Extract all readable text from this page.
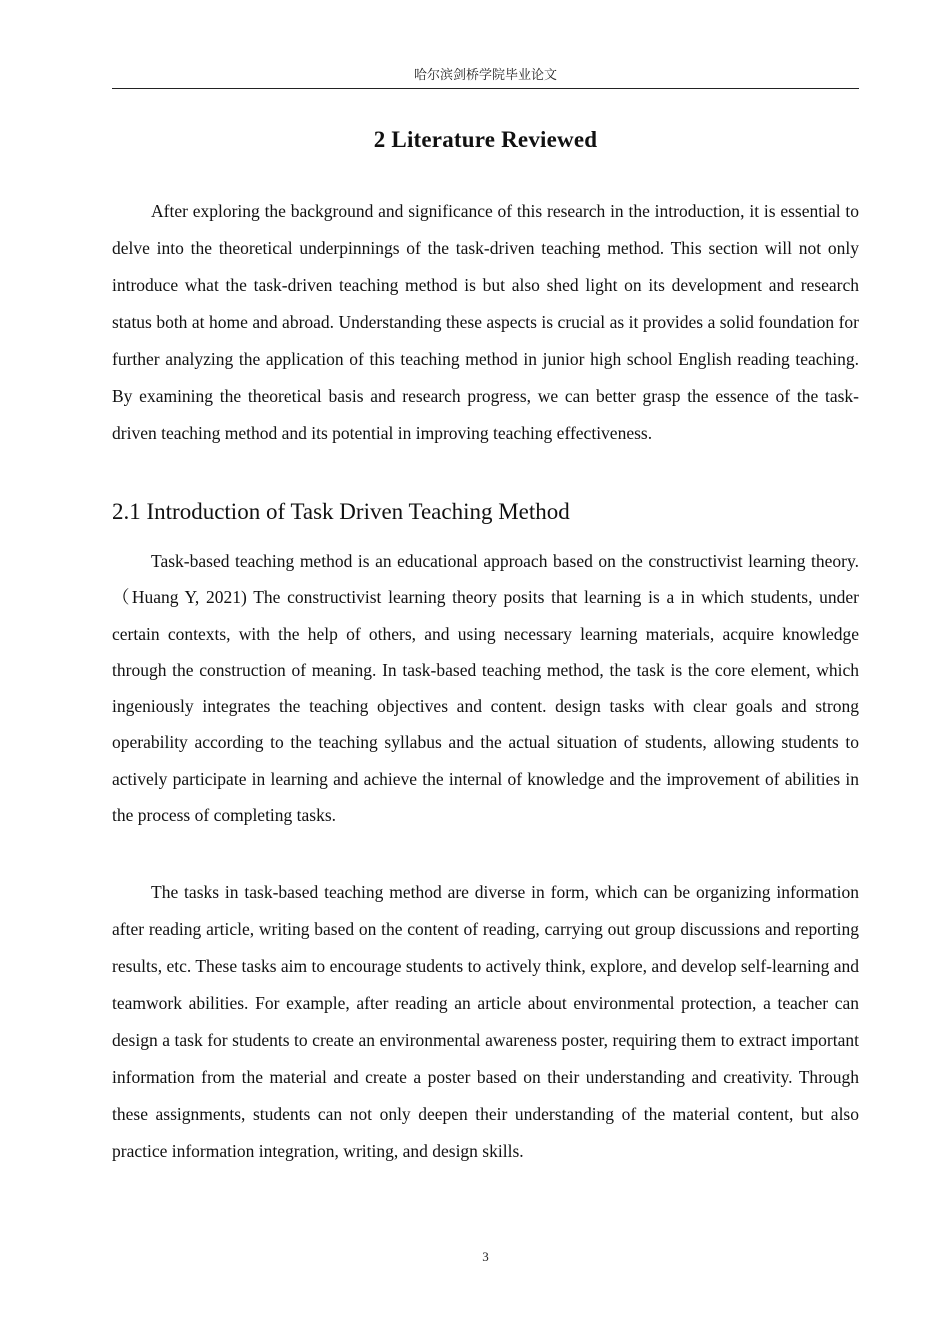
哈尔滨剑桥学院毕业论文
2 Literature Reviewed

After exploring the background and significance of this research in the introduction, it is essential to delve into the theoretical underpinnings of the task-driven teaching method. This section will not only introduce what the task-driven teaching method is but also shed light on its development and research status both at home and abroad. Understanding these aspects is crucial as it provides a solid foundation for further analyzing the application of this teaching method in junior high school English reading teaching. By examining the theoretical basis and research progress, we can better grasp the essence of the task-driven teaching method and its potential in improving teaching effectiveness.

2.1 Introduction of Task Driven Teaching Method

Task-based teaching method is an educational approach based on the constructivist learning theory. （Huang Y, 2021) The constructivist learning theory posits that learning is a in which students, under certain contexts, with the help of others, and using necessary learning materials, acquire knowledge through the construction of meaning. In task-based teaching method, the task is the core element, which ingeniously integrates the teaching objectives and content. design tasks with clear goals and strong operability according to the teaching syllabus and the actual situation of students, allowing students to actively participate in learning and achieve the internal of knowledge and the improvement of abilities in the process of completing tasks.

The tasks in task-based teaching method are diverse in form, which can be organizing information after reading article, writing based on the content of reading, carrying out group discussions and reporting results, etc. These tasks aim to encourage students to actively think, explore, and develop self-learning and teamwork abilities. For example, after reading an article about environmental protection, a teacher can design a task for students to create an environmental awareness poster, requiring them to extract important information from the material and create a poster based on their understanding and creativity. Through these assignments, students can not only deepen their understanding of the material content, but also practice information integration, writing, and design skills.

3
